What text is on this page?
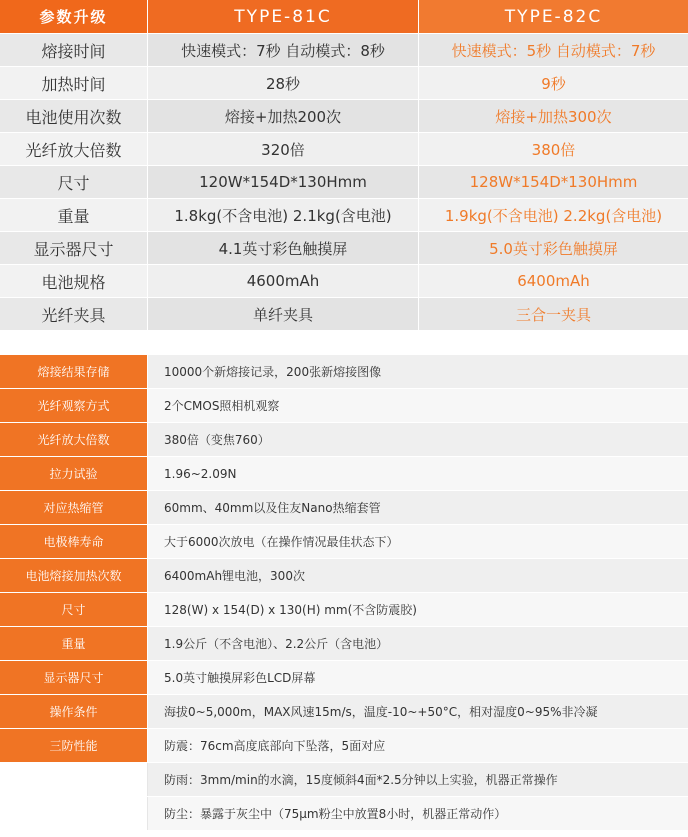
参数升级	TYPE-81C	TYPE-82C
熔接时间	快速模式：7秒 自动模式：8秒	快速模式：5秒 自动模式：7秒
加热时间	28秒	9秒
电池使用次数	熔接+加热200次	熔接+加热300次
光纤放大倍数	320倍	380倍
尺寸	120W*154D*130Hmm	128W*154D*130Hmm
重量	1.8kg(不含电池) 2.1kg(含电池)	1.9kg(不含电池) 2.2kg(含电池)
显示器尺寸	4.1英寸彩色触摸屏	5.0英寸彩色触摸屏
电池规格	4600mAh	6400mAh
光纤夹具	单纤夹具	三合一夹具
熔接结果存储	10000个新熔接记录，200张新熔接图像
光纤观察方式	2个CMOS照相机观察
光纤放大倍数	380倍（变焦760）
拉力试验	1.96~2.09N
对应热缩管	60mm、40mm以及住友Nano热缩套管
电极棒寿命	大于6000次放电（在操作情况最佳状态下）
电池熔接加热次数	6400mAh锂电池，300次
尺寸	128(W) x 154(D) x 130(H) mm(不含防震胶)
重量	1.9公斤（不含电池）、2.2公斤（含电池）
显示器尺寸	5.0英寸触摸屏彩色LCD屏幕
操作条件	海拔0~5,000m，MAX风速15m/s，温度-10~+50°C，相对湿度0~95%非冷凝
三防性能	防震：76cm高度底部向下坠落，5面对应
防雨：3mm/min的水滴，15度倾斜4面*2.5分钟以上实验，机器正常操作
防尘：暴露于灰尘中（75μm粉尘中放置8小时，机器正常动作）
